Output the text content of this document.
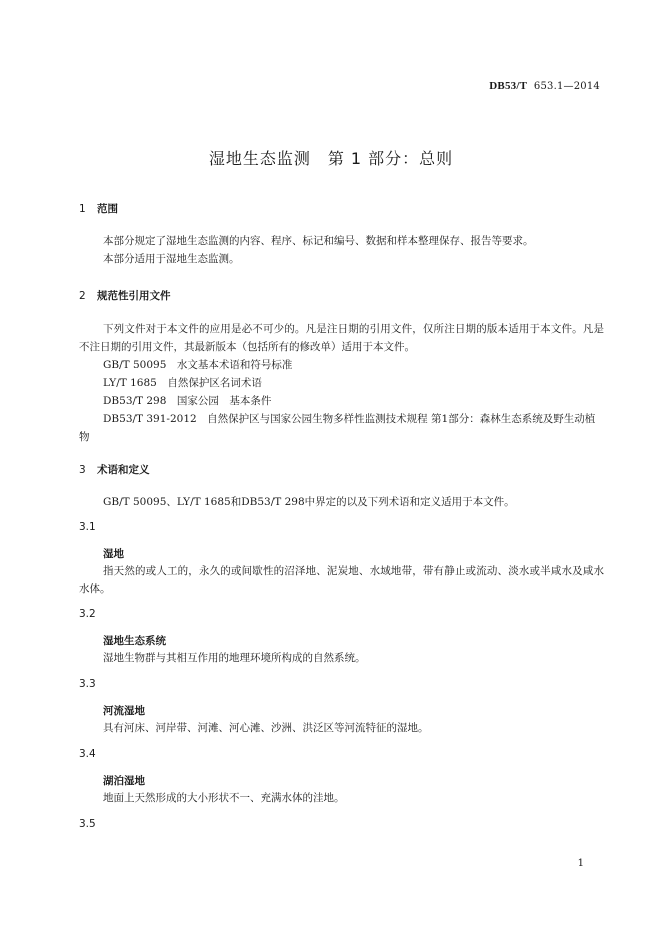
DB53/T 653.1—2014
湿地生态监测　第 1 部分：总则
1 范围
本部分规定了湿地生态监测的内容、程序、标记和编号、数据和样本整理保存、报告等要求。
本部分适用于湿地生态监测。
2 规范性引用文件
下列文件对于本文件的应用是必不可少的。凡是注日期的引用文件，仅所注日期的版本适用于本文件。凡是不注日期的引用文件，其最新版本（包括所有的修改单）适用于本文件。
GB/T 50095　水文基本术语和符号标准
LY/T 1685　自然保护区名词术语
DB53/T 298　国家公园　基本条件
DB53/T 391-2012　自然保护区与国家公园生物多样性监测技术规程 第1部分：森林生态系统及野生动植物
3 术语和定义
GB/T 50095、LY/T 1685和DB53/T 298中界定的以及下列术语和定义适用于本文件。
3.1
湿地
指天然的或人工的，永久的或间歇性的沼泽地、泥炭地、水域地带，带有静止或流动、淡水或半咸水及咸水水体。
3.2
湿地生态系统
湿地生物群与其相互作用的地理环境所构成的自然系统。
3.3
河流湿地
具有河床、河岸带、河滩、河心滩、沙洲、洪泛区等河流特征的湿地。
3.4
湖泊湿地
地面上天然形成的大小形状不一、充满水体的洼地。
3.5
1
